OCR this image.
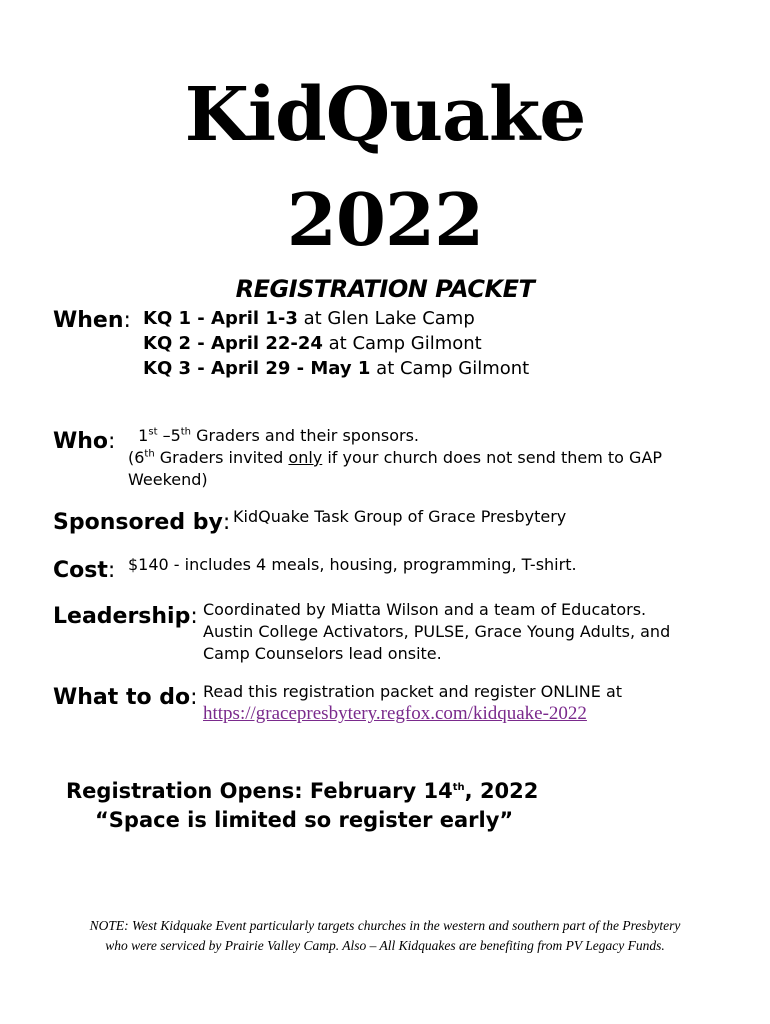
KidQuake
2022
REGISTRATION PACKET
When: KQ 1 - April 1-3 at Glen Lake Camp
KQ 2 - April 22-24 at Camp Gilmont
KQ 3 - April 29 - May 1 at Camp Gilmont
Who:	1st –5th Graders and their sponsors.
(6th Graders invited only if your church does not send them to GAP
Weekend)
Sponsored by: KidQuake Task Group of Grace Presbytery
Cost: $140 - includes 4 meals, housing, programming, T-shirt.
Leadership: Coordinated by Miatta Wilson and a team of Educators.
Austin College Activators, PULSE, Grace Young Adults, and
Camp Counselors lead onsite.
What to do: Read this registration packet and register ONLINE at
https://gracepresbytery.regfox.com/kidquake-2022
Registration Opens: February 14th, 2022
“Space is limited so register early”
NOTE: West Kidquake Event particularly targets churches in the western and southern part of the Presbytery
who were serviced by Prairie Valley Camp. Also – All Kidquakes are benefiting from PV Legacy Funds.
